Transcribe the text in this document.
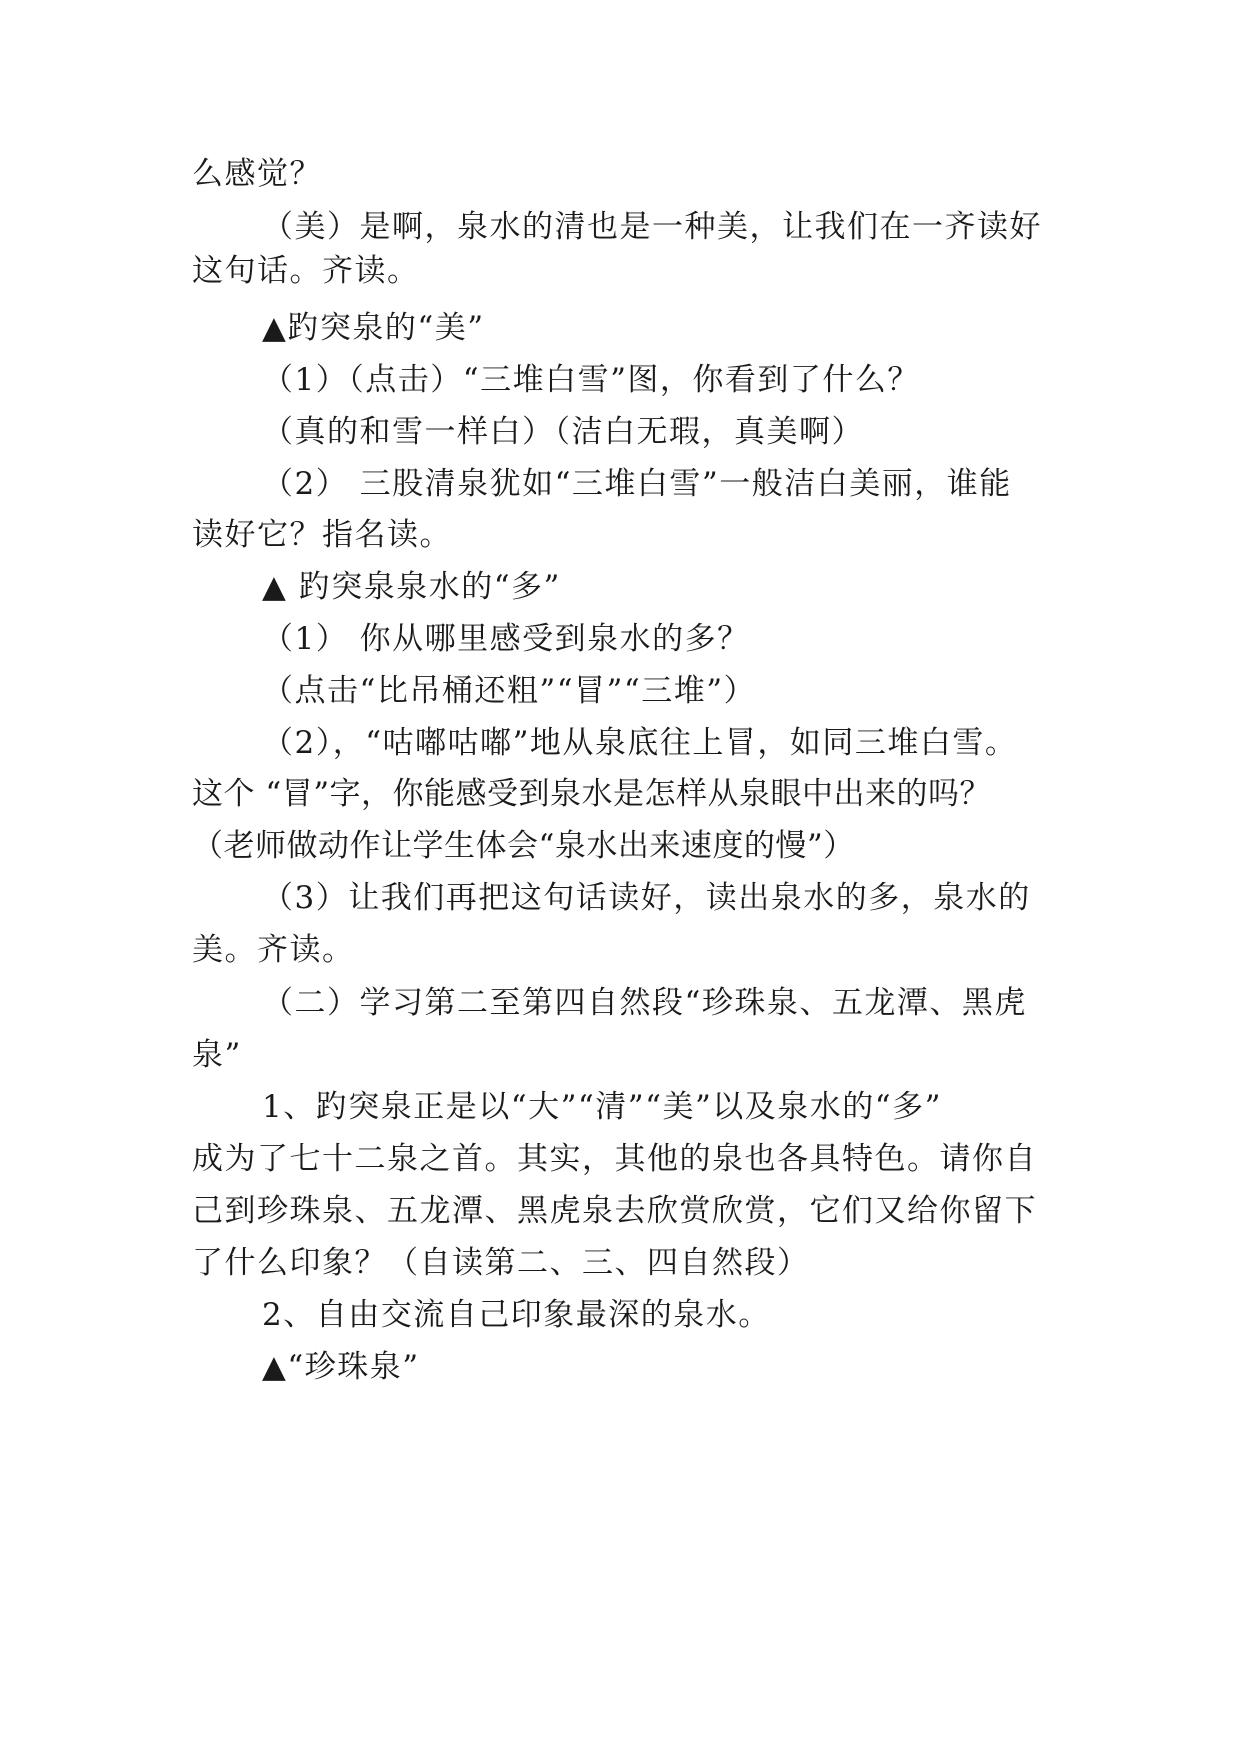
么感觉？
（美）是啊，泉水的清也是一种美，让我们在一齐读好
这句话。齐读。
▲趵突泉的“美”
（1）（点击）“三堆白雪”图，你看到了什么？
（真的和雪一样白）（洁白无瑕，真美啊）
（2） 三股清泉犹如“三堆白雪”一般洁白美丽，谁能
读好它？指名读。
▲ 趵突泉泉水的“多”
（1） 你从哪里感受到泉水的多？
（点击“比吊桶还粗”“冒”“三堆”）
（2），“咕嘟咕嘟”地从泉底往上冒，如同三堆白雪。
这个 “冒”字，你能感受到泉水是怎样从泉眼中出来的吗？
（老师做动作让学生体会“泉水出来速度的慢”）
（3）让我们再把这句话读好，读出泉水的多，泉水的
美。齐读。
（二）学习第二至第四自然段“珍珠泉、五龙潭、黑虎
泉”
1、趵突泉正是以“大”“清”“美”以及泉水的“多”
成为了七十二泉之首。其实，其他的泉也各具特色。请你自
己到珍珠泉、五龙潭、黑虎泉去欣赏欣赏，它们又给你留下
了什么印象？（自读第二、三、四自然段）
2、自由交流自己印象最深的泉水。
▲“珍珠泉”
